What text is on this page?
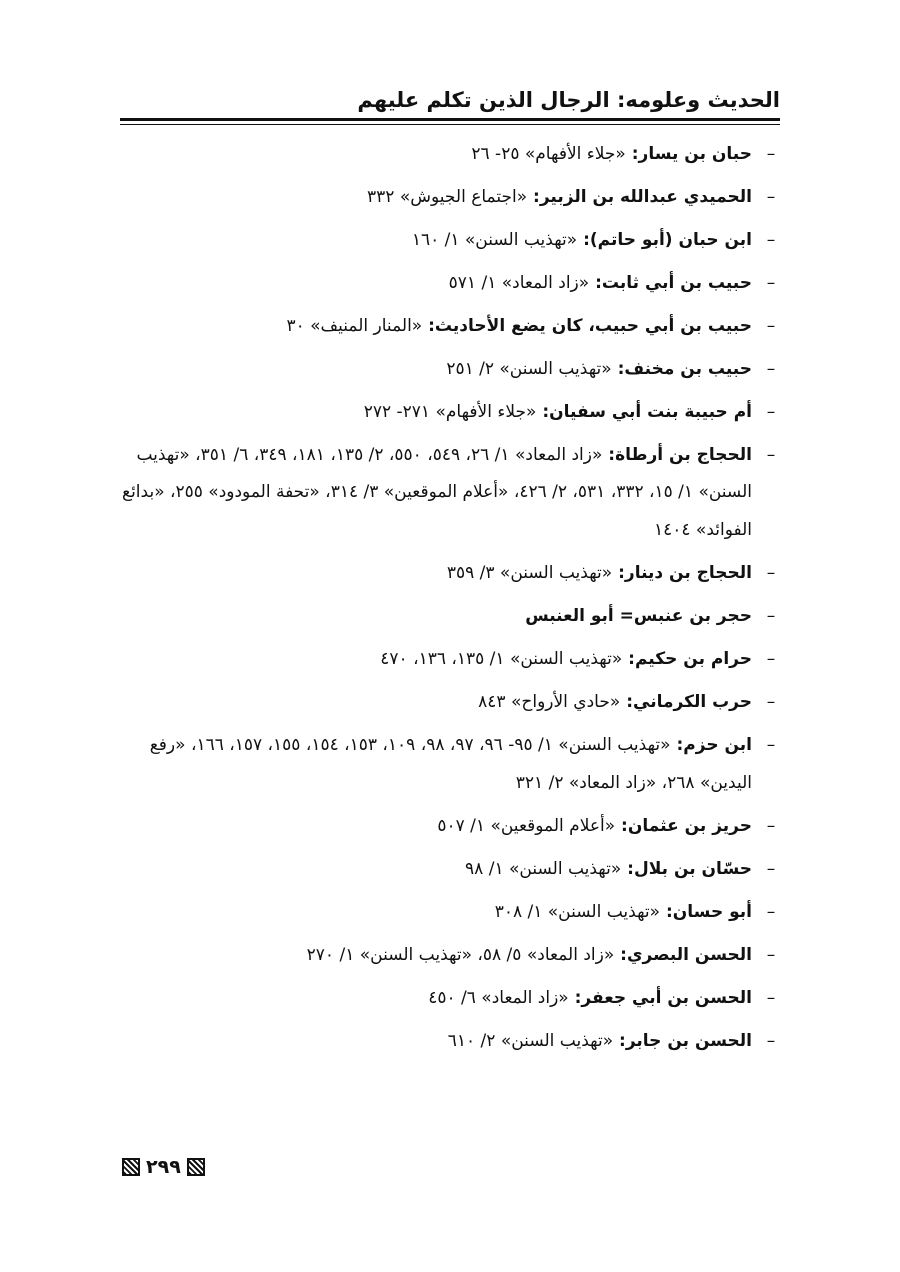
الحديث وعلومه: الرجال الذين تكلم عليهم
–
حبان بن يسار: «جلاء الأفهام» ٢٥- ٢٦
–
الحميدي عبدالله بن الزبير: «اجتماع الجيوش» ٣٣٢
–
ابن حبان (أبو حاتم): «تهذيب السنن» ١/ ١٦٠
–
حبيب بن أبي ثابت: «زاد المعاد» ١/ ٥٧١
–
حبيب بن أبي حبيب، كان يضع الأحاديث: «المنار المنيف» ٣٠
–
حبيب بن مخنف: «تهذيب السنن» ٢/ ٢٥١
–
أم حبيبة بنت أبي سفيان: «جلاء الأفهام» ٢٧١- ٢٧٢
–
الحجاج بن أرطاة: «زاد المعاد» ١/ ٢٦، ٥٤٩، ٥٥٠، ٢/ ١٣٥، ١٨١، ٣٤٩، ٦/ ٣٥١، «تهذيب السنن» ١/ ١٥، ٣٣٢، ٥٣١، ٢/ ٤٢٦، «أعلام الموقعين» ٣/ ٣١٤، «تحفة المودود» ٢٥٥، «بدائع الفوائد» ١٤٠٤
–
الحجاج بن دينار: «تهذيب السنن» ٣/ ٣٥٩
–
حجر بن عنبس= أبو العنبس
–
حرام بن حكيم: «تهذيب السنن» ١/ ١٣٥، ١٣٦، ٤٧٠
–
حرب الكرماني: «حادي الأرواح» ٨٤٣
–
ابن حزم: «تهذيب السنن» ١/ ٩٥- ٩٦، ٩٧، ٩٨، ١٠٩، ١٥٣، ١٥٤، ١٥٥، ١٥٧، ١٦٦، «رفع اليدين» ٢٦٨، «زاد المعاد» ٢/ ٣٢١
–
حريز بن عثمان: «أعلام الموقعين» ١/ ٥٠٧
–
حسّان بن بلال: «تهذيب السنن» ١/ ٩٨
–
أبو حسان: «تهذيب السنن» ١/ ٣٠٨
–
الحسن البصري: «زاد المعاد» ٥/ ٥٨، «تهذيب السنن» ١/ ٢٧٠
–
الحسن بن أبي جعفر: «زاد المعاد» ٦/ ٤٥٠
–
الحسن بن جابر: «تهذيب السنن» ٢/ ٦١٠
٢٩٩
